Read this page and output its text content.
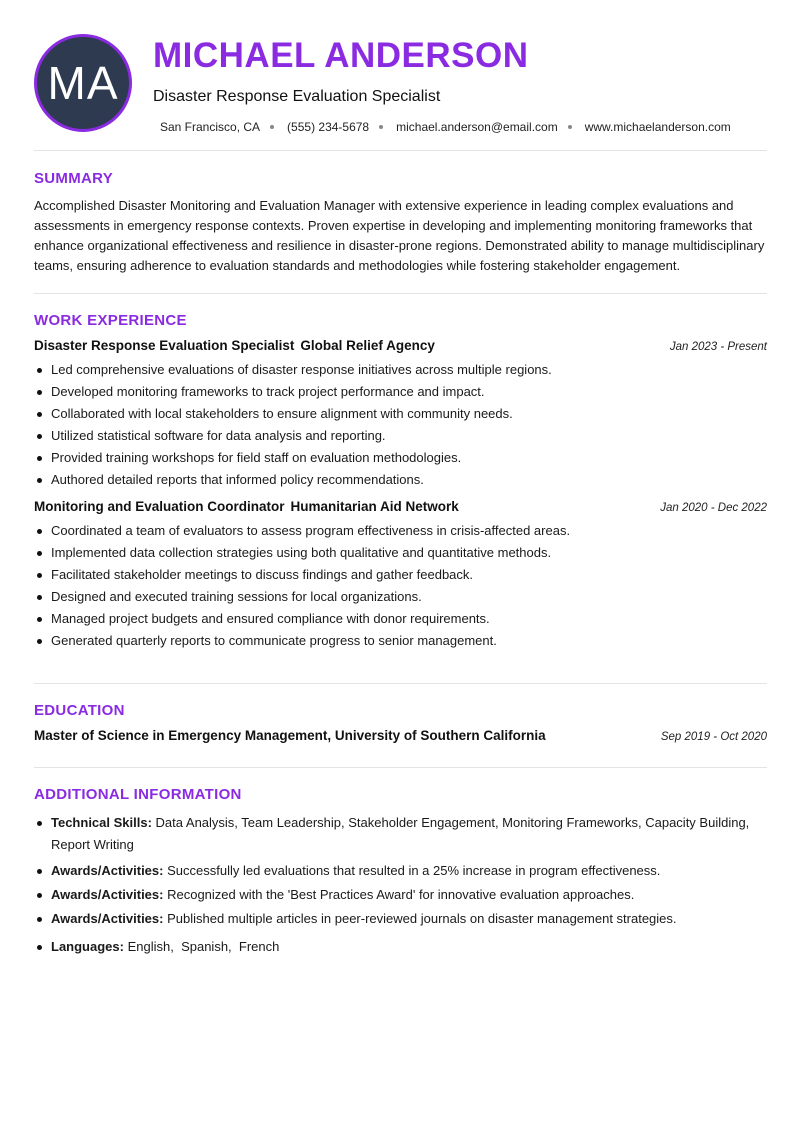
MA
MICHAEL ANDERSON
Disaster Response Evaluation Specialist
San Francisco, CA (555) 234-5678 michael.anderson@email.com www.michaelanderson.com
SUMMARY

Accomplished Disaster Monitoring and Evaluation Manager with extensive experience in leading complex evaluations and assessments in emergency response contexts. Proven expertise in developing and implementing monitoring frameworks that enhance organizational effectiveness and resilience in disaster-prone regions. Demonstrated ability to manage multidisciplinary teams, ensuring adherence to evaluation standards and methodologies while fostering stakeholder engagement.

WORK EXPERIENCE
Disaster Response Evaluation Specialist Global Relief Agency	Jan 2023 - Present
Led comprehensive evaluations of disaster response initiatives across multiple regions.
Developed monitoring frameworks to track project performance and impact.
Collaborated with local stakeholders to ensure alignment with community needs.
Utilized statistical software for data analysis and reporting.
Provided training workshops for field staff on evaluation methodologies.
Authored detailed reports that informed policy recommendations.
Monitoring and Evaluation Coordinator Humanitarian Aid Network	Jan 2020 - Dec 2022
Coordinated a team of evaluators to assess program effectiveness in crisis-affected areas.
Implemented data collection strategies using both qualitative and quantitative methods.
Facilitated stakeholder meetings to discuss findings and gather feedback.
Designed and executed training sessions for local organizations.
Managed project budgets and ensured compliance with donor requirements.
Generated quarterly reports to communicate progress to senior management.
EDUCATION
Master of Science in Emergency Management, University of Southern California	Sep 2019 - Oct 2020
ADDITIONAL INFORMATION
Technical Skills: Data Analysis, Team Leadership, Stakeholder Engagement, Monitoring Frameworks, Capacity Building, Report Writing
Awards/Activities: Successfully led evaluations that resulted in a 25% increase in program effectiveness.
Awards/Activities: Recognized with the 'Best Practices Award' for innovative evaluation approaches.
Awards/Activities: Published multiple articles in peer-reviewed journals on disaster management strategies.
Languages: English,  Spanish,  French
